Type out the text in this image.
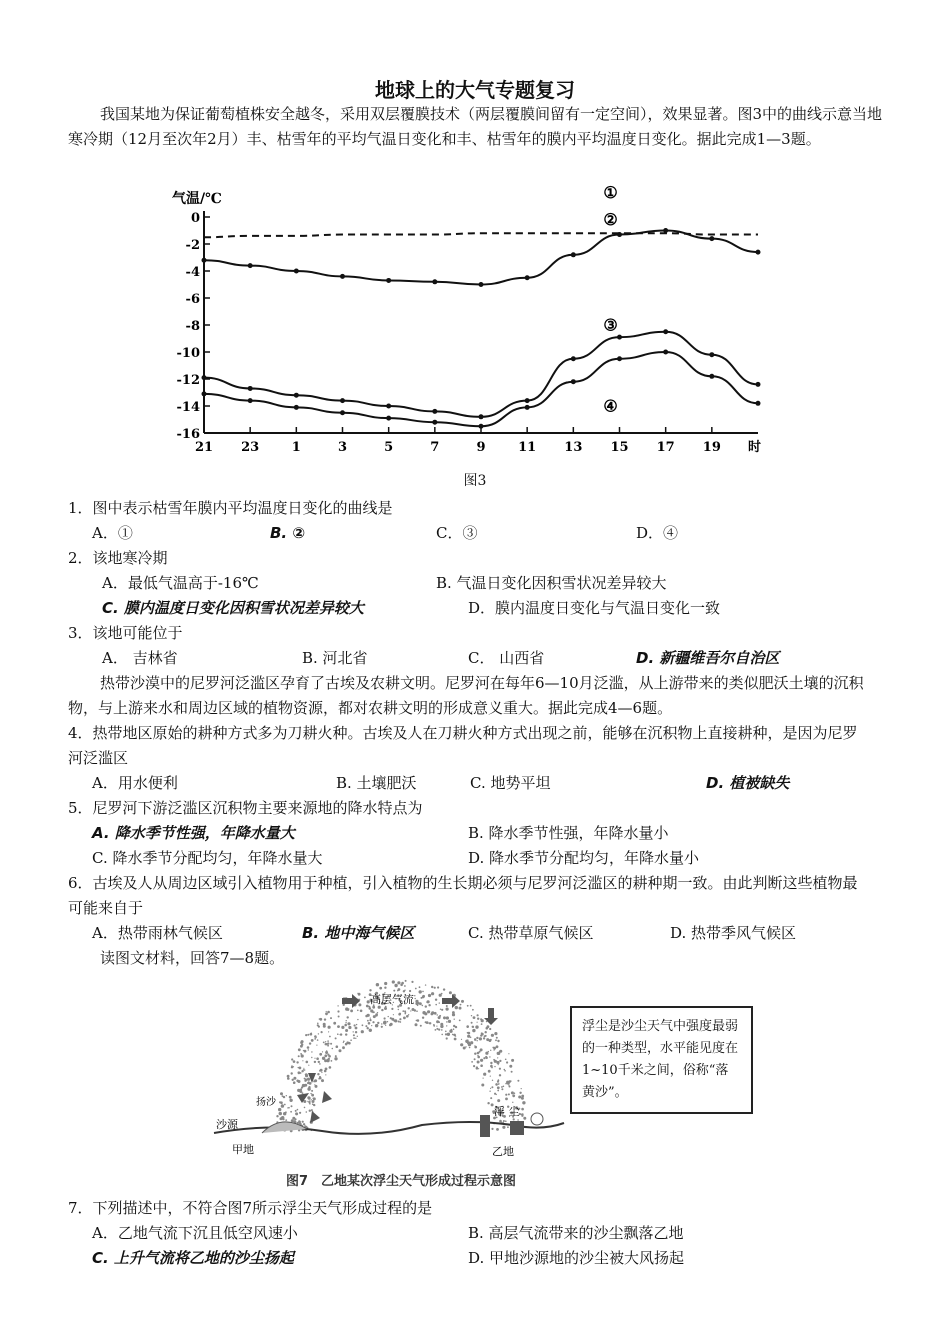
地球上的大气专题复习
我国某地为保证葡萄植株安全越冬，采用双层覆膜技术（两层覆膜间留有一定空间），效果显著。图3中的曲线示意当地寒冷期（12月至次年2月）丰、枯雪年的平均气温日变化和丰、枯雪年的膜内平均温度日变化。据此完成1—3题。
气温/℃
0
-2
-4
-6
-8
-10
-12
-14
-16
21 23	1	3	5	7	9	11 13 15 17 19 时
①
②
③
④
图3
1．图中表示枯雪年膜内平均温度日变化的曲线是
A．①	B. ②	C．③	D．④
2．该地寒冷期
A．最低气温高于-16℃	B. 气温日变化因积雪状况差异较大
C. 膜内温度日变化因积雪状况差异较大	D．膜内温度日变化与气温日变化一致
3．该地可能位于
A． 吉林省	B. 河北省	C． 山西省	D. 新疆维吾尔自治区
热带沙漠中的尼罗河泛滥区孕育了古埃及农耕文明。尼罗河在每年6—10月泛滥，从上游带来的类似肥沃土壤的沉积物，与上游来水和周边区域的植物资源，都对农耕文明的形成意义重大。据此完成4—6题。
4．热带地区原始的耕种方式多为刀耕火种。古埃及人在刀耕火种方式出现之前，能够在沉积物上直接耕种，是因为尼罗河泛滥区
A．用水便利	B. 土壤肥沃	C. 地势平坦	D. 植被缺失
5．尼罗河下游泛滥区沉积物主要来源地的降水特点为
A. 降水季节性强，年降水量大	B. 降水季节性强，年降水量小
C. 降水季节分配均匀，年降水量大	D. 降水季节分配均匀，年降水量小
6．古埃及人从周边区域引入植物用于种植，引入植物的生长期必须与尼罗河泛滥区的耕种期一致。由此判断这些植物最可能来自于
A．热带雨林气候区	B. 地中海气候区	C. 热带草原气候区	D. 热带季风气候区
读图文材料，回答7—8题。
高层气流
扬沙
沙源
甲地
浮 尘
乙地
浮尘是沙尘天气中强度最弱的一种类型，水平能见度在1~10千米之间，俗称“落黄沙”。
图7　乙地某次浮尘天气形成过程示意图
7．下列描述中，不符合图7所示浮尘天气形成过程的是
A．乙地气流下沉且低空风速小	B. 高层气流带来的沙尘飘落乙地
C. 上升气流将乙地的沙尘扬起	D. 甲地沙源地的沙尘被大风扬起
